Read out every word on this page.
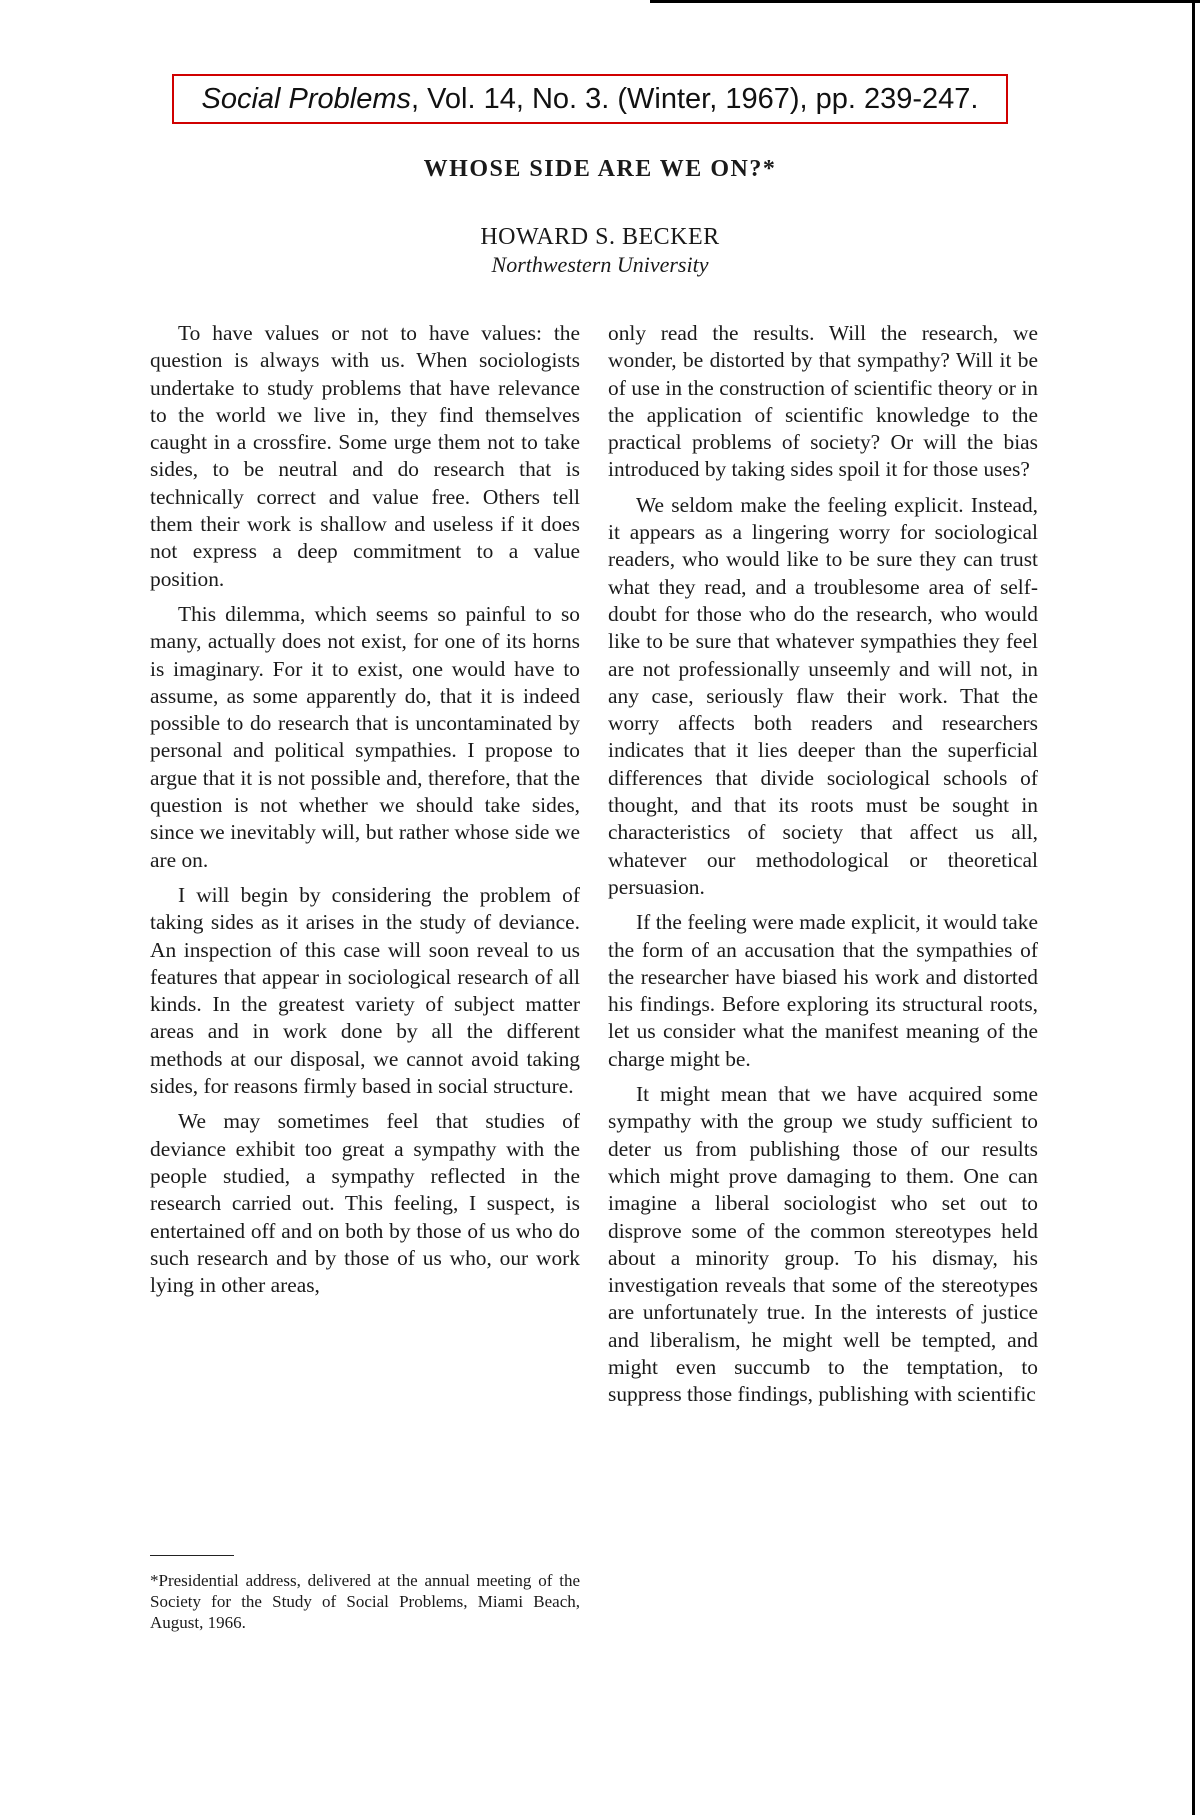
Social Problems, Vol. 14, No. 3. (Winter, 1967), pp. 239-247.
WHOSE SIDE ARE WE ON?*
HOWARD S. BECKER
Northwestern University

To have values or not to have values: the question is always with us. When sociologists undertake to study problems that have relevance to the world we live in, they find themselves caught in a crossfire. Some urge them not to take sides, to be neutral and do research that is technically correct and value free. Others tell them their work is shallow and useless if it does not express a deep commitment to a value position.

This dilemma, which seems so painful to so many, actually does not exist, for one of its horns is imaginary. For it to exist, one would have to assume, as some apparently do, that it is indeed possible to do research that is uncontaminated by personal and political sympathies. I propose to argue that it is not possible and, therefore, that the question is not whether we should take sides, since we inevitably will, but rather whose side we are on.

I will begin by considering the problem of taking sides as it arises in the study of deviance. An inspection of this case will soon reveal to us features that appear in sociological research of all kinds. In the greatest variety of subject matter areas and in work done by all the different methods at our disposal, we cannot avoid taking sides, for reasons firmly based in social structure.

We may sometimes feel that studies of deviance exhibit too great a sympathy with the people studied, a sympathy reflected in the research carried out. This feeling, I suspect, is entertained off and on both by those of us who do such research and by those of us who, our work lying in other areas,

only read the results. Will the research, we wonder, be distorted by that sympathy? Will it be of use in the construction of scientific theory or in the application of scientific knowledge to the practical problems of society? Or will the bias introduced by taking sides spoil it for those uses?

We seldom make the feeling explicit. Instead, it appears as a lingering worry for sociological readers, who would like to be sure they can trust what they read, and a troublesome area of self-doubt for those who do the research, who would like to be sure that whatever sympathies they feel are not professionally unseemly and will not, in any case, seriously flaw their work. That the worry affects both readers and researchers indicates that it lies deeper than the superficial differences that divide sociological schools of thought, and that its roots must be sought in characteristics of society that affect us all, whatever our methodological or theoretical persuasion.

If the feeling were made explicit, it would take the form of an accusation that the sympathies of the researcher have biased his work and distorted his findings. Before exploring its structural roots, let us consider what the manifest meaning of the charge might be.

It might mean that we have acquired some sympathy with the group we study sufficient to deter us from publishing those of our results which might prove damaging to them. One can imagine a liberal sociologist who set out to disprove some of the common stereotypes held about a minority group. To his dismay, his investigation reveals that some of the stereotypes are unfortunately true. In the interests of justice and liberalism, he might well be tempted, and might even succumb to the temptation, to suppress those findings, publishing with scientific

*Presidential address, delivered at the annual meeting of the Society for the Study of Social Problems, Miami Beach, August, 1966.
